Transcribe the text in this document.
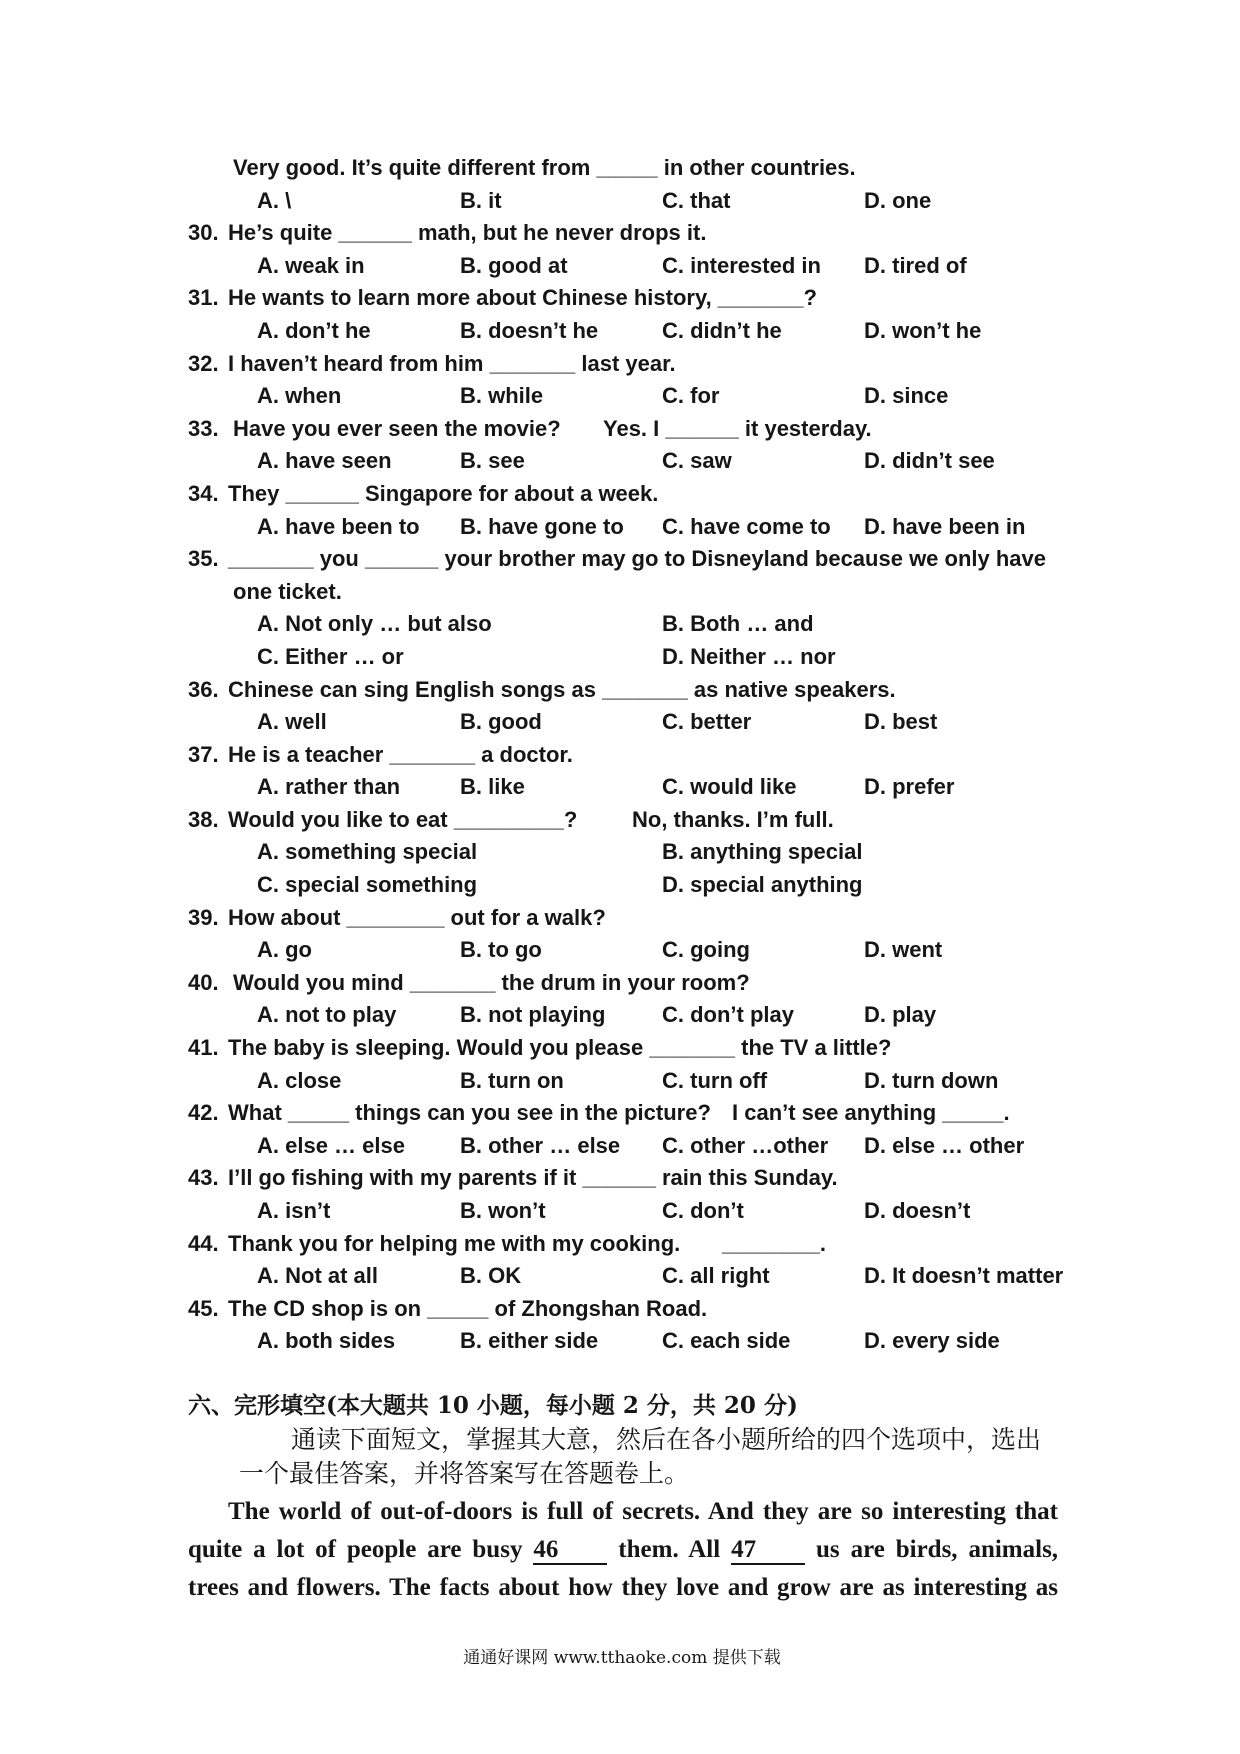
Very good. It’s quite different from _____ in other countries.
A. \	B. it	C. that	D. one
30. He’s quite ______ math, but he never drops it.
A. weak in	B. good at	C. interested in D. tired of
31. He wants to learn more about Chinese history, _______?
A. don’t he	B. doesn’t he	C. didn’t he	D. won’t he
32. I haven’t heard from him _______ last year.
A. when	B. while	C. for	D. since
33. Have you ever seen the movie? Yes. I ______ it yesterday.
A. have seen	B. see	C. saw	D. didn’t see
34. They ______ Singapore for about a week.
A. have been to B. have gone to C. have come to D. have been in
35. _______ you ______ your brother may go to Disneyland because we only have
one ticket.
A. Not only … but also	B. Both … and
C. Either … or	D. Neither … nor
36. Chinese can sing English songs as _______ as native speakers.
A. well	B. good	C. better	D. best
37. He is a teacher _______ a doctor.
A. rather than	B. like	C. would like	D. prefer
38. Would you like to eat _________? No, thanks. I’m full.
A. something special	B. anything special
C. special something	D. special anything
39. How about ________ out for a walk?
A. go	B. to go	C. going	D. went
40. Would you mind _______ the drum in your room?
A. not to play	B. not playing	C. don’t play	D. play
41. The baby is sleeping. Would you please _______ the TV a little?
A. close	B. turn on	C. turn off	D. turn down
42. What _____ things can you see in the picture? I can’t see anything _____.
A. else … else	B. other … else C. other …other D. else … other
43. I’ll go fishing with my parents if it ______ rain this Sunday.
A. isn’t	B. won’t	C. don’t	D. doesn’t
44. Thank you for helping me with my cooking. ________.
A. Not at all	B. OK	C. all right	D. It doesn’t matter
45. The CD shop is on _____ of Zhongshan Road.
A. both sides	B. either side	C. each side	D. every side
六、完形填空(本大题共 10 小题，每小题 2 分，共 20 分)
通读下面短文，掌握其大意，然后在各小题所给的四个选项中，选出
一个最佳答案，并将答案写在答题卷上。
The world of out-of-doors is full of secrets. And they are so interesting that
quite a lot of people are busy 46 them. All 47 us are birds, animals,
trees and flowers. The facts about how they love and grow are as interesting as
通通好课网 www.tthaoke.com 提供下载
